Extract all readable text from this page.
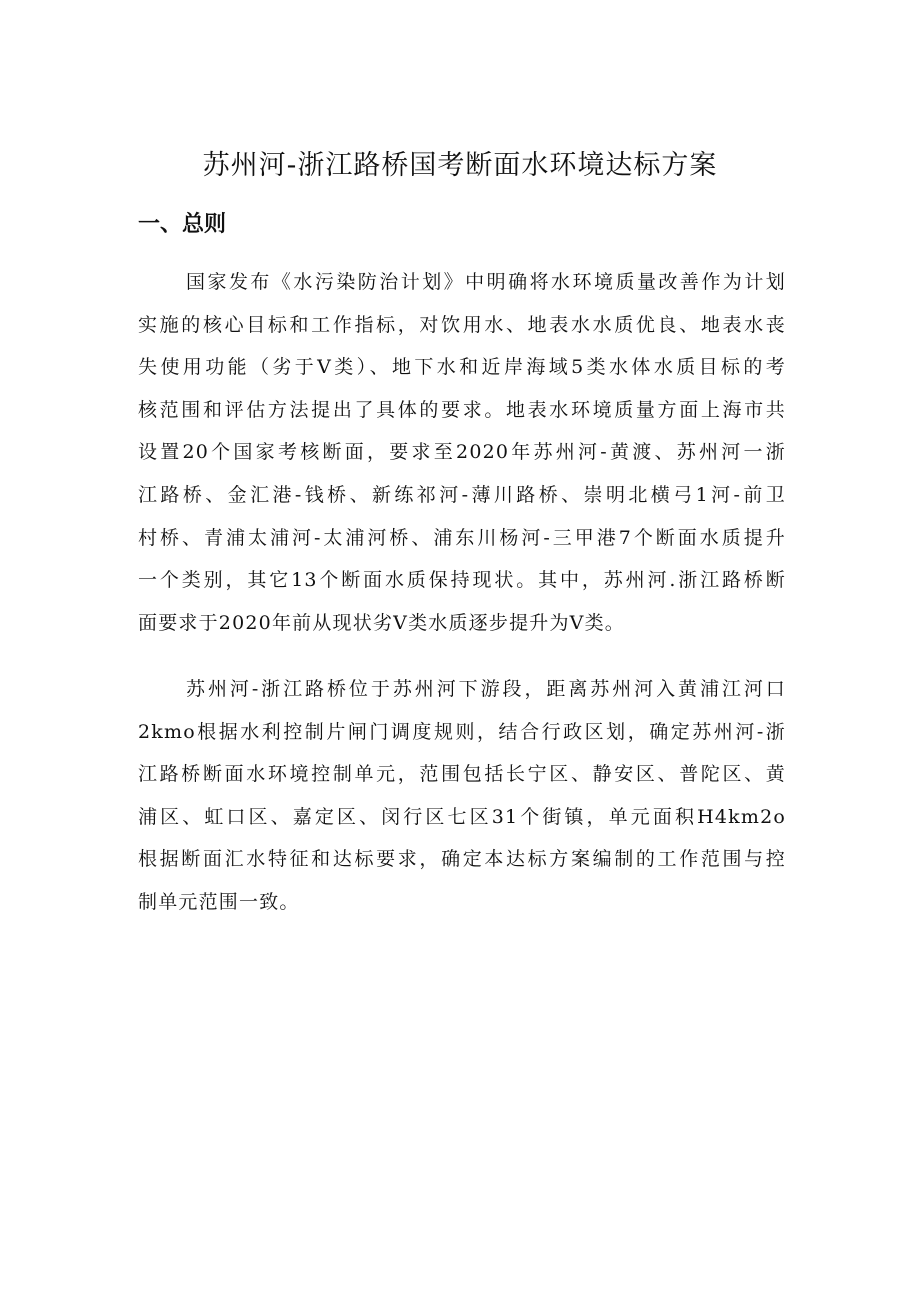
苏州河-浙江路桥国考断面水环境达标方案
一、总则
国家发布《水污染防治计划》中明确将水环境质量改善作为计划
实施的核心目标和工作指标，对饮用水、地表水水质优良、地表水丧
失使用功能（劣于V类）、地下水和近岸海域5类水体水质目标的考
核范围和评估方法提出了具体的要求。地表水环境质量方面上海市共
设置20个国家考核断面，要求至2020年苏州河-黄渡、苏州河一浙
江路桥、金汇港-钱桥、新练祁河-薄川路桥、崇明北横弓1河-前卫
村桥、青浦太浦河-太浦河桥、浦东川杨河-三甲港7个断面水质提升
一个类别，其它13个断面水质保持现状。其中，苏州河.浙江路桥断
面要求于2020年前从现状劣V类水质逐步提升为V类。
苏州河-浙江路桥位于苏州河下游段，距离苏州河入黄浦江河口
2kmo根据水利控制片闸门调度规则，结合行政区划，确定苏州河-浙
江路桥断面水环境控制单元，范围包括长宁区、静安区、普陀区、黄
浦区、虹口区、嘉定区、闵行区七区31个街镇，单元面积H4km2o
根据断面汇水特征和达标要求，确定本达标方案编制的工作范围与控
制单元范围一致。
